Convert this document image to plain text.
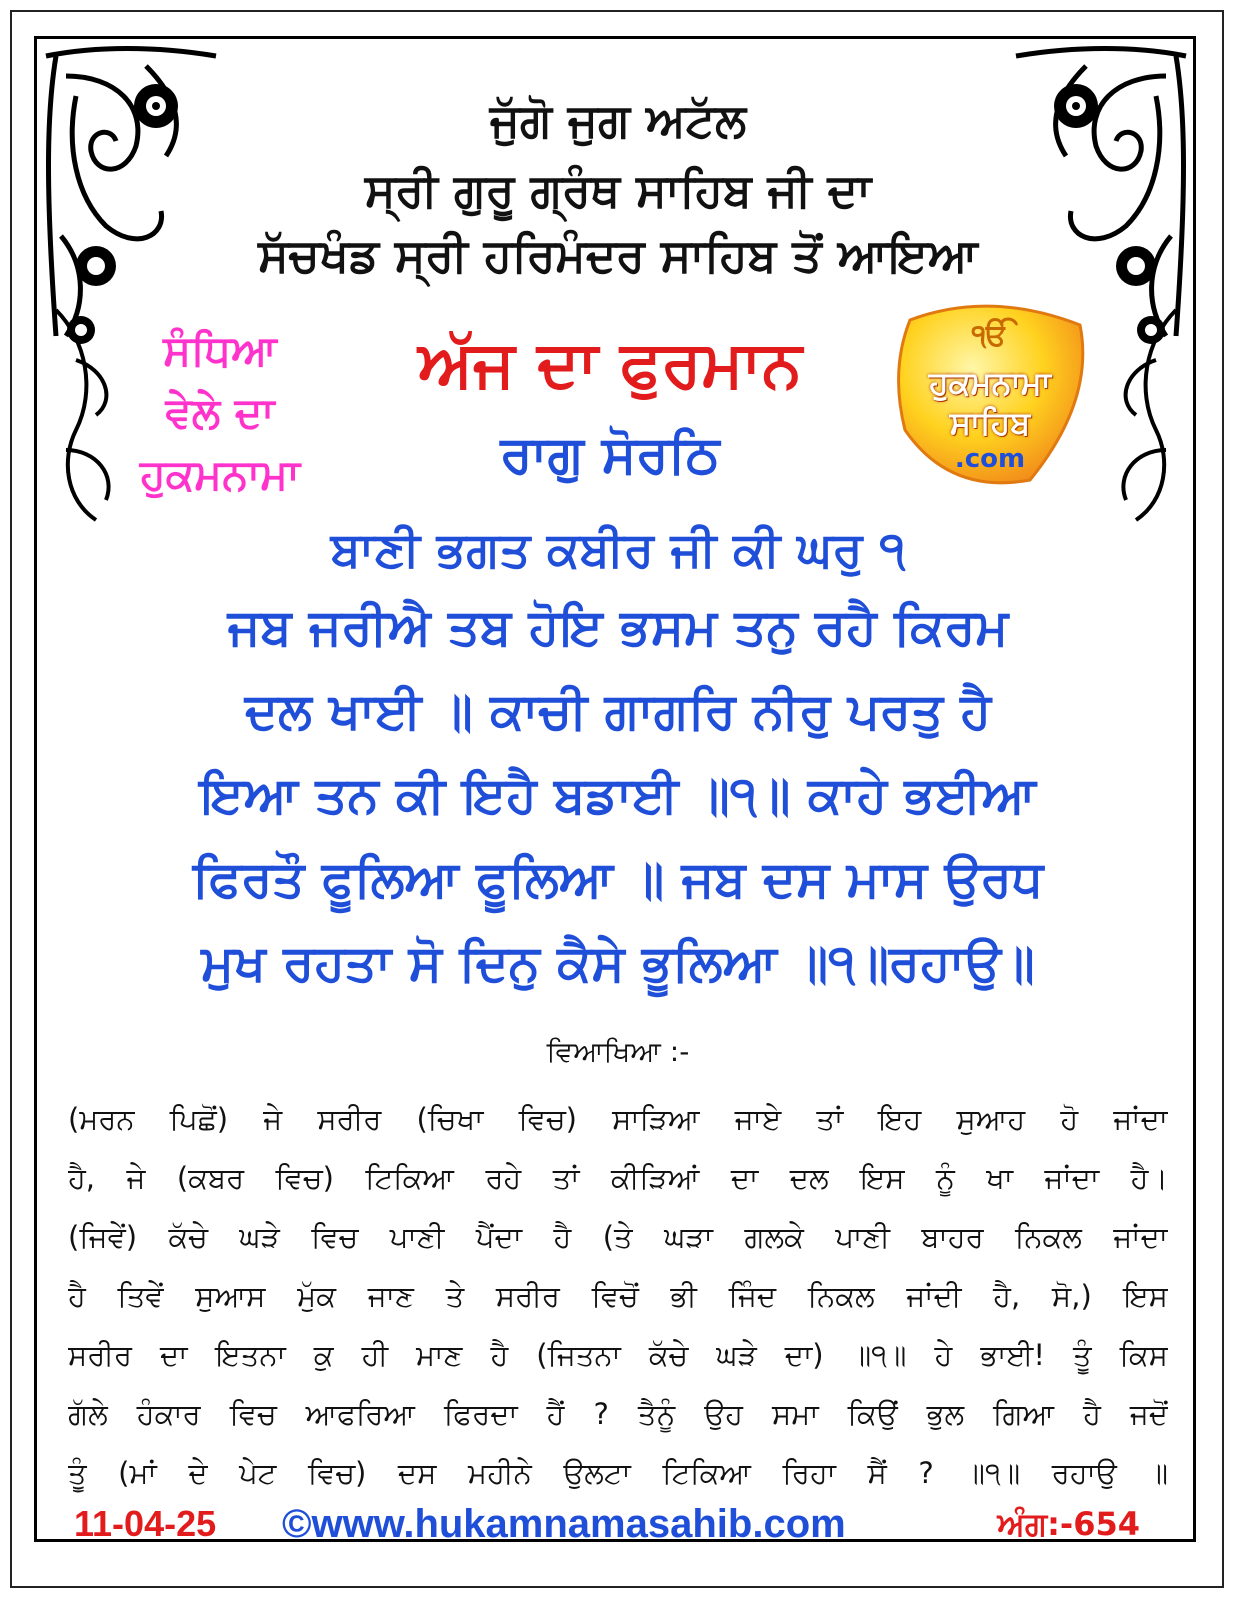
ਜੁੱਗੋ ਜੁਗ ਅਟੱਲ
ਸ੍ਰੀ ਗੁਰੂ ਗ੍ਰੰਥ ਸਾਹਿਬ ਜੀ ਦਾ
ਸੱਚਖੰਡ ਸ੍ਰੀ ਹਰਿਮੰਦਰ ਸਾਹਿਬ ਤੋਂ ਆਇਆ
ਸੰਧਿਆ
ਵੇਲੇ ਦਾ
ਹੁਕਮਨਾਮਾ
ਅੱਜ ਦਾ ਫੁਰਮਾਨ
ਰਾਗੁ ਸੋਰਠਿ
ੴ
ਹੁਕਮਨਾਮਾ
ਸਾਹਿਬ
.com
ਬਾਣੀ ਭਗਤ ਕਬੀਰ ਜੀ ਕੀ ਘਰੁ ੧
ਜਬ ਜਰੀਐ ਤਬ ਹੋਇ ਭਸਮ ਤਨੁ ਰਹੈ ਕਿਰਮ
ਦਲ ਖਾਈ ॥ ਕਾਚੀ ਗਾਗਰਿ ਨੀਰੁ ਪਰਤੁ ਹੈ
ਇਆ ਤਨ ਕੀ ਇਹੈ ਬਡਾਈ ॥੧॥ ਕਾਹੇ ਭਈਆ
ਫਿਰਤੌ ਫੂਲਿਆ ਫੂਲਿਆ ॥ ਜਬ ਦਸ ਮਾਸ ਉਰਧ
ਮੁਖ ਰਹਤਾ ਸੋ ਦਿਨੁ ਕੈਸੇ ਭੂਲਿਆ ॥੧॥ਰਹਾਉ॥
ਵਿਆਖਿਆ :-
(ਮਰਨ ਪਿਛੋਂ) ਜੇ ਸਰੀਰ (ਚਿਖਾ ਵਿਚ) ਸਾੜਿਆ ਜਾਏ ਤਾਂ ਇਹ ਸੁਆਹ ਹੋ ਜਾਂਦਾ
ਹੈ, ਜੇ (ਕਬਰ ਵਿਚ) ਟਿਕਿਆ ਰਹੇ ਤਾਂ ਕੀੜਿਆਂ ਦਾ ਦਲ ਇਸ ਨੂੰ ਖਾ ਜਾਂਦਾ ਹੈ।
(ਜਿਵੇਂ) ਕੱਚੇ ਘੜੇ ਵਿਚ ਪਾਣੀ ਪੈਂਦਾ ਹੈ (ਤੇ ਘੜਾ ਗਲਕੇ ਪਾਣੀ ਬਾਹਰ ਨਿਕਲ ਜਾਂਦਾ
ਹੈ ਤਿਵੇਂ ਸੁਆਸ ਮੁੱਕ ਜਾਣ ਤੇ ਸਰੀਰ ਵਿਚੋਂ ਭੀ ਜਿੰਦ ਨਿਕਲ ਜਾਂਦੀ ਹੈ, ਸੋ,) ਇਸ
ਸਰੀਰ ਦਾ ਇਤਨਾ ਕੁ ਹੀ ਮਾਣ ਹੈ (ਜਿਤਨਾ ਕੱਚੇ ਘੜੇ ਦਾ) ॥੧॥ ਹੇ ਭਾਈ! ਤੂੰ ਕਿਸ
ਗੱਲੇ ਹੰਕਾਰ ਵਿਚ ਆਫਰਿਆ ਫਿਰਦਾ ਹੈਂ ? ਤੈਨੂੰ ਉਹ ਸਮਾ ਕਿਉਂ ਭੁਲ ਗਿਆ ਹੈ ਜਦੋਂ
ਤੂੰ (ਮਾਂ ਦੇ ਪੇਟ ਵਿਚ) ਦਸ ਮਹੀਨੇ ਉਲਟਾ ਟਿਕਿਆ ਰਿਹਾ ਸੈਂ ? ॥੧॥ ਰਹਾਉ ॥
11-04-25 ©www.hukamnamasahib.com	ਅੰਗ:-654
